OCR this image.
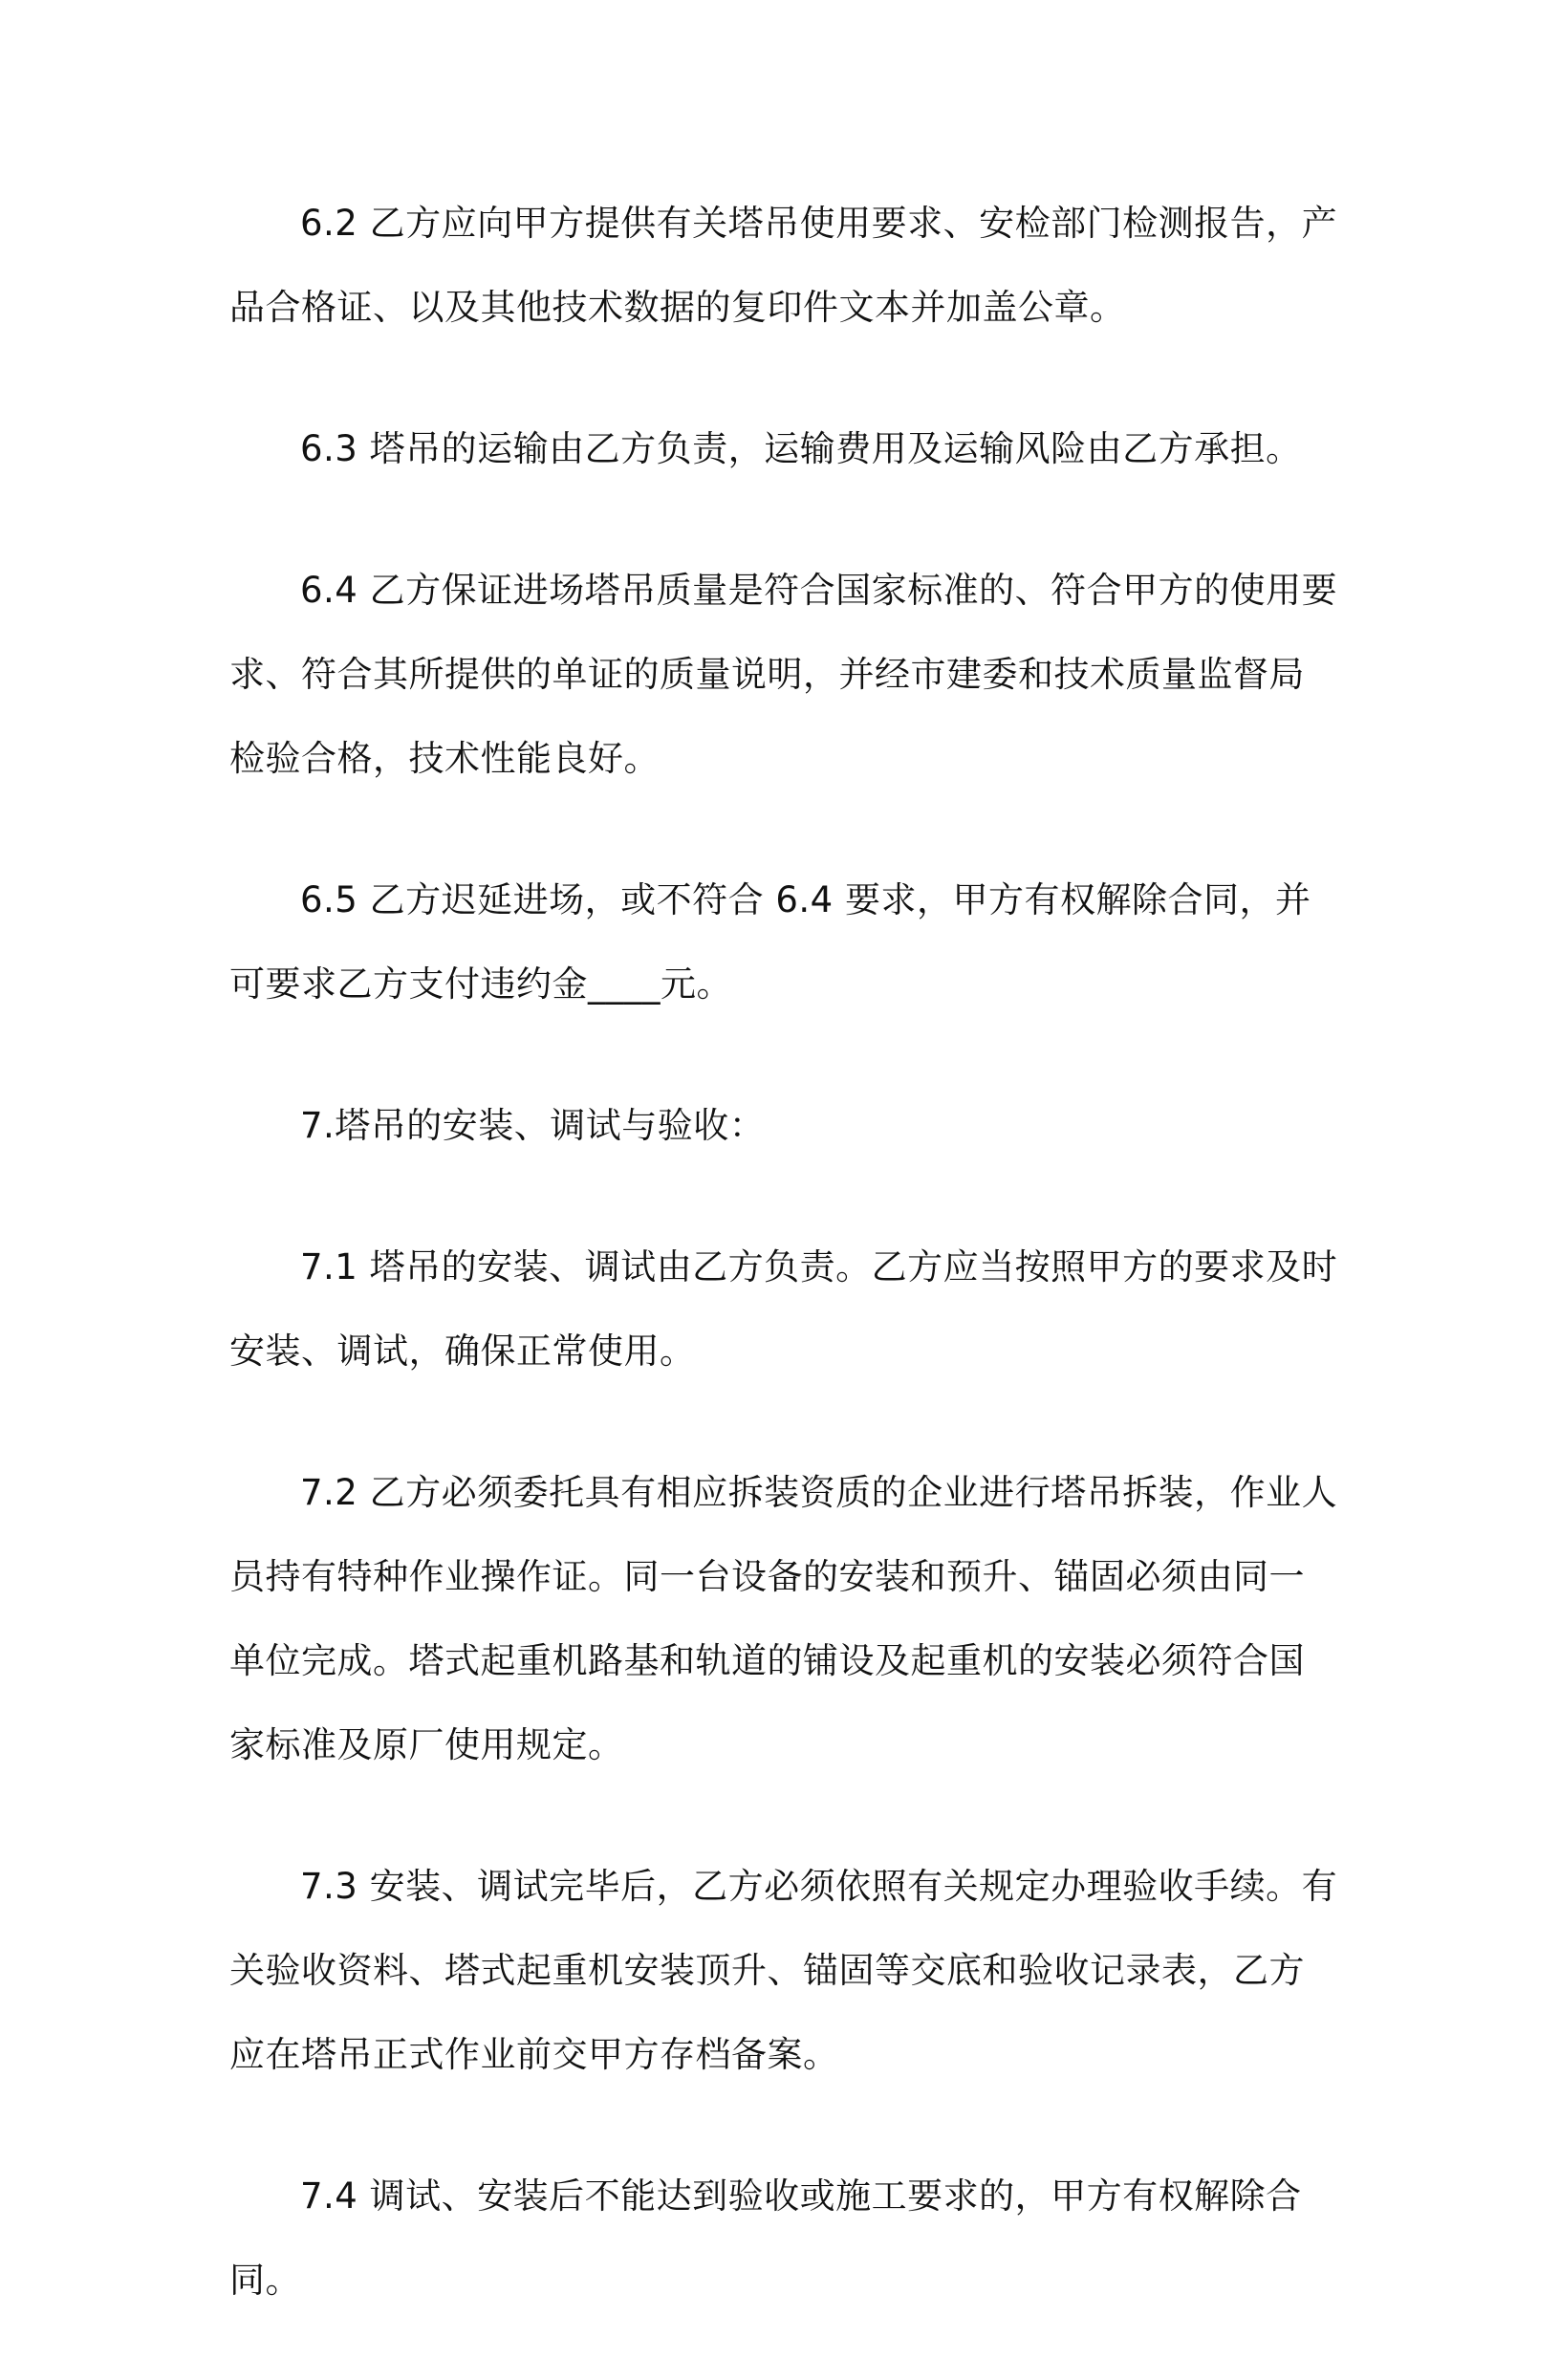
6.2 乙方应向甲方提供有关塔吊使用要求、安检部门检测报告，产品合格证、以及其他技术数据的复印件文本并加盖公章。

6.3 塔吊的运输由乙方负责，运输费用及运输风险由乙方承担。

6.4 乙方保证进场塔吊质量是符合国家标准的、符合甲方的使用要求、符合其所提供的单证的质量说明，并经市建委和技术质量监督局检验合格，技术性能良好。

6.5 乙方迟延进场，或不符合 6.4 要求，甲方有权解除合同，并可要求乙方支付违约金____元。

7.塔吊的安装、调试与验收：

7.1 塔吊的安装、调试由乙方负责。乙方应当按照甲方的要求及时安装、调试，确保正常使用。

7.2 乙方必须委托具有相应拆装资质的企业进行塔吊拆装，作业人员持有特种作业操作证。同一台设备的安装和预升、锚固必须由同一单位完成。塔式起重机路基和轨道的铺设及起重机的安装必须符合国家标准及原厂使用规定。

7.3 安装、调试完毕后，乙方必须依照有关规定办理验收手续。有关验收资料、塔式起重机安装顶升、锚固等交底和验收记录表，乙方应在塔吊正式作业前交甲方存档备案。

7.4 调试、安装后不能达到验收或施工要求的，甲方有权解除合同。
